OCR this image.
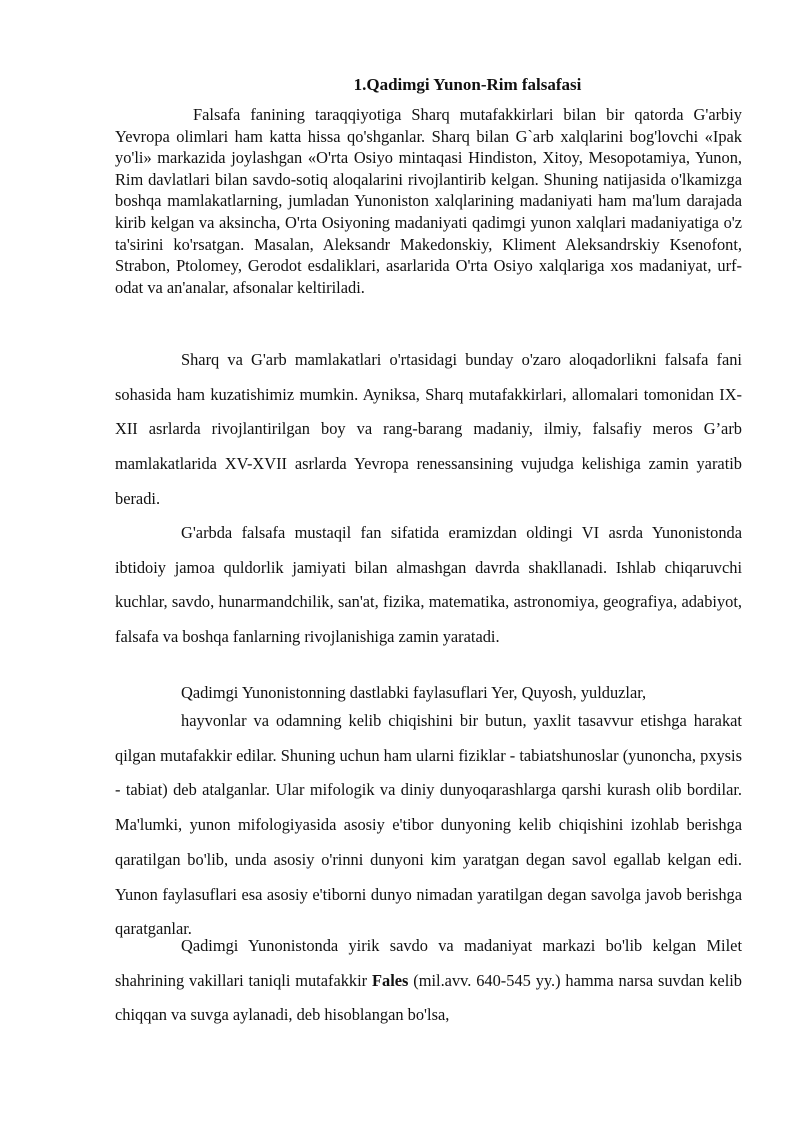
1.Qadimgi Yunon-Rim falsafasi

Falsafa fanining taraqqiyotiga Sharq mutafakkirlari bilan bir qatorda G'arbiy Yevropa olimlari ham katta hissa qo'shganlar. Sharq bilan G`arb xalqlarini bog'lovchi «Ipak yo'li» markazida joylashgan «O'rta Osiyo mintaqasi Hindiston, Xitoy, Mesopotamiya, Yunon, Rim davlatlari bilan savdo-sotiq aloqalarini rivojlantirib kelgan. Shuning natijasida o'lkamizga boshqa mamlakatlarning, jumladan Yunoniston xalqlarining madaniyati ham ma'lum darajada kirib kelgan va aksincha, O'rta Osiyoning madaniyati qadimgi yunon xalqlari madaniyatiga o'z ta'sirini ko'rsatgan. Masalan, Aleksandr Makedonskiy, Kliment Aleksandrskiy Ksenofont, Strabon, Ptolomey, Gerodot esdaliklari, asarlarida O'rta Osiyo xalqlariga xos madaniyat, urf-odat va an'analar, afsonalar keltiriladi.

Sharq va G'arb mamlakatlari o'rtasidagi bunday o'zaro aloqadorlikni falsafa fani sohasida ham kuzatishimiz mumkin. Ayniksa, Sharq mutafakkirlari, allomalari tomonidan IX-XII asrlarda rivojlantirilgan boy va rang-barang madaniy, ilmiy, falsafiy meros G’arb mamlakatlarida XV-XVII asrlarda Yevropa renessansining vujudga kelishiga zamin yaratib beradi.

G'arbda falsafa mustaqil fan sifatida eramizdan oldingi VI asrda Yunonistonda ibtidoiy jamoa quldorlik jamiyati bilan almashgan davrda shakllanadi. Ishlab chiqaruvchi kuchlar, savdo, hunarmandchilik, san'at, fizika, matematika, astronomiya, geografiya, adabiyot, falsafa va boshqa fanlarning rivojlanishiga zamin yaratadi.

Qadimgi Yunonistonning dastlabki faylasuflari Yer, Quyosh, yulduzlar,

hayvonlar va odamning kelib chiqishini bir butun, yaxlit tasavvur etishga harakat qilgan mutafakkir edilar. Shuning uchun ham ularni fiziklar - tabiatshunoslar (yunoncha, pxysis - tabiat) deb atalganlar. Ular mifologik va diniy dunyoqarashlarga qarshi kurash olib bordilar. Ma'lumki, yunon mifologiyasida asosiy e'tibor dunyoning kelib chiqishini izohlab berishga qaratilgan bo'lib, unda asosiy o'rinni dunyoni kim yaratgan degan savol egallab kelgan edi. Yunon faylasuflari esa asosiy e'tiborni dunyo nimadan yaratilgan degan savolga javob berishga qaratganlar.

Qadimgi Yunonistonda yirik savdo va madaniyat markazi bo'lib kelgan Milet shahrining vakillari taniqli mutafakkir Fales (mil.avv. 640-545 yy.) hamma narsa suvdan kelib chiqqan va suvga aylanadi, deb hisoblangan bo'lsa,
